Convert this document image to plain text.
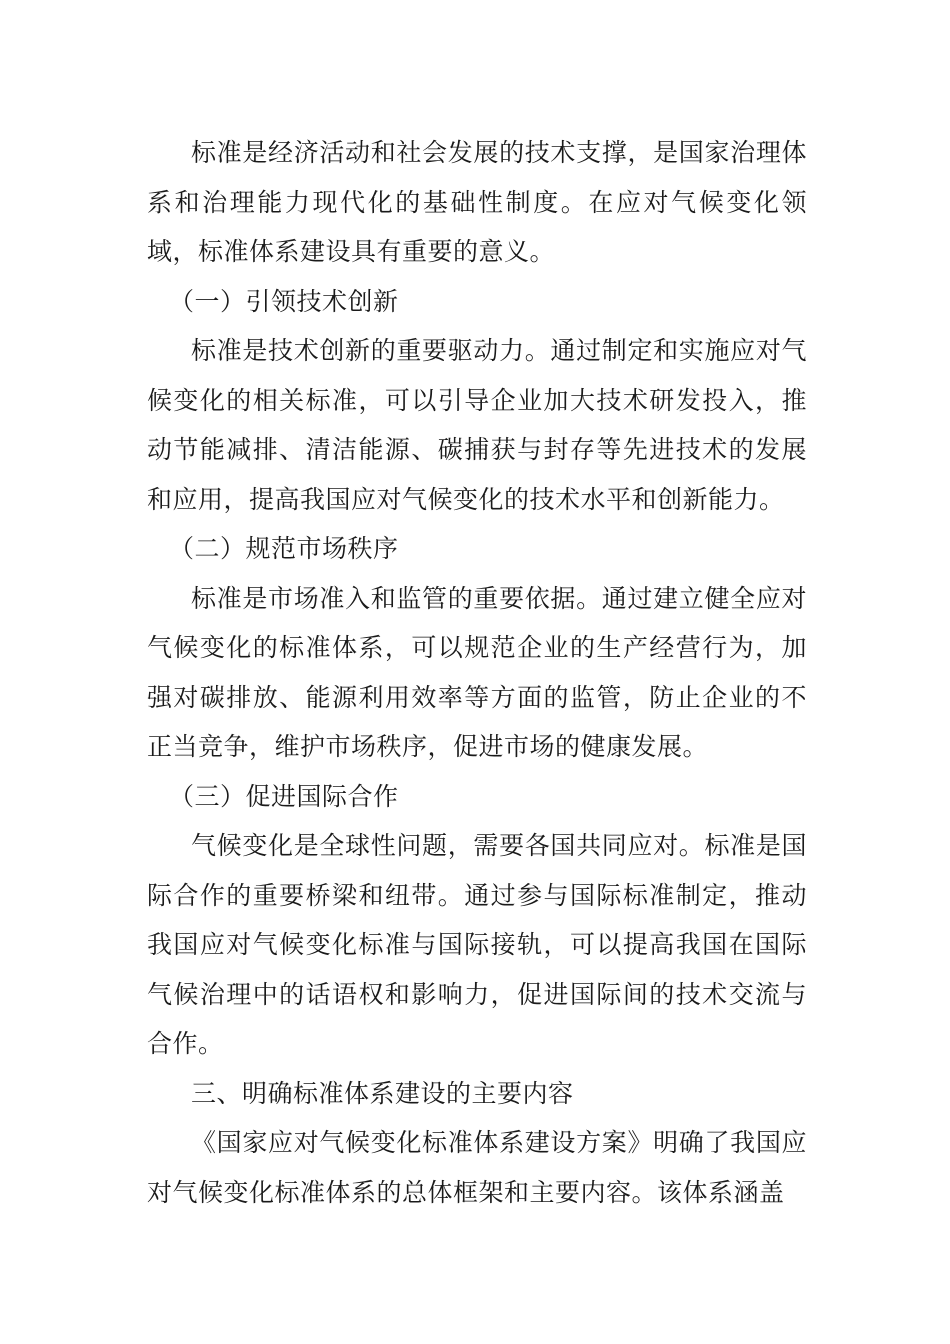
标准是经济活动和社会发展的技术支撑，是国家治理体系和治理能力现代化的基础性制度。在应对气候变化领域，标准体系建设具有重要的意义。

（一）引领技术创新

标准是技术创新的重要驱动力。通过制定和实施应对气候变化的相关标准，可以引导企业加大技术研发投入，推动节能减排、清洁能源、碳捕获与封存等先进技术的发展和应用，提高我国应对气候变化的技术水平和创新能力。

（二）规范市场秩序

标准是市场准入和监管的重要依据。通过建立健全应对气候变化的标准体系，可以规范企业的生产经营行为，加强对碳排放、能源利用效率等方面的监管，防止企业的不正当竞争，维护市场秩序，促进市场的健康发展。

（三）促进国际合作

气候变化是全球性问题，需要各国共同应对。标准是国际合作的重要桥梁和纽带。通过参与国际标准制定，推动我国应对气候变化标准与国际接轨，可以提高我国在国际气候治理中的话语权和影响力，促进国际间的技术交流与合作。

三、明确标准体系建设的主要内容

《国家应对气候变化标准体系建设方案》明确了我国应对气候变化标准体系的总体框架和主要内容。该体系涵盖
